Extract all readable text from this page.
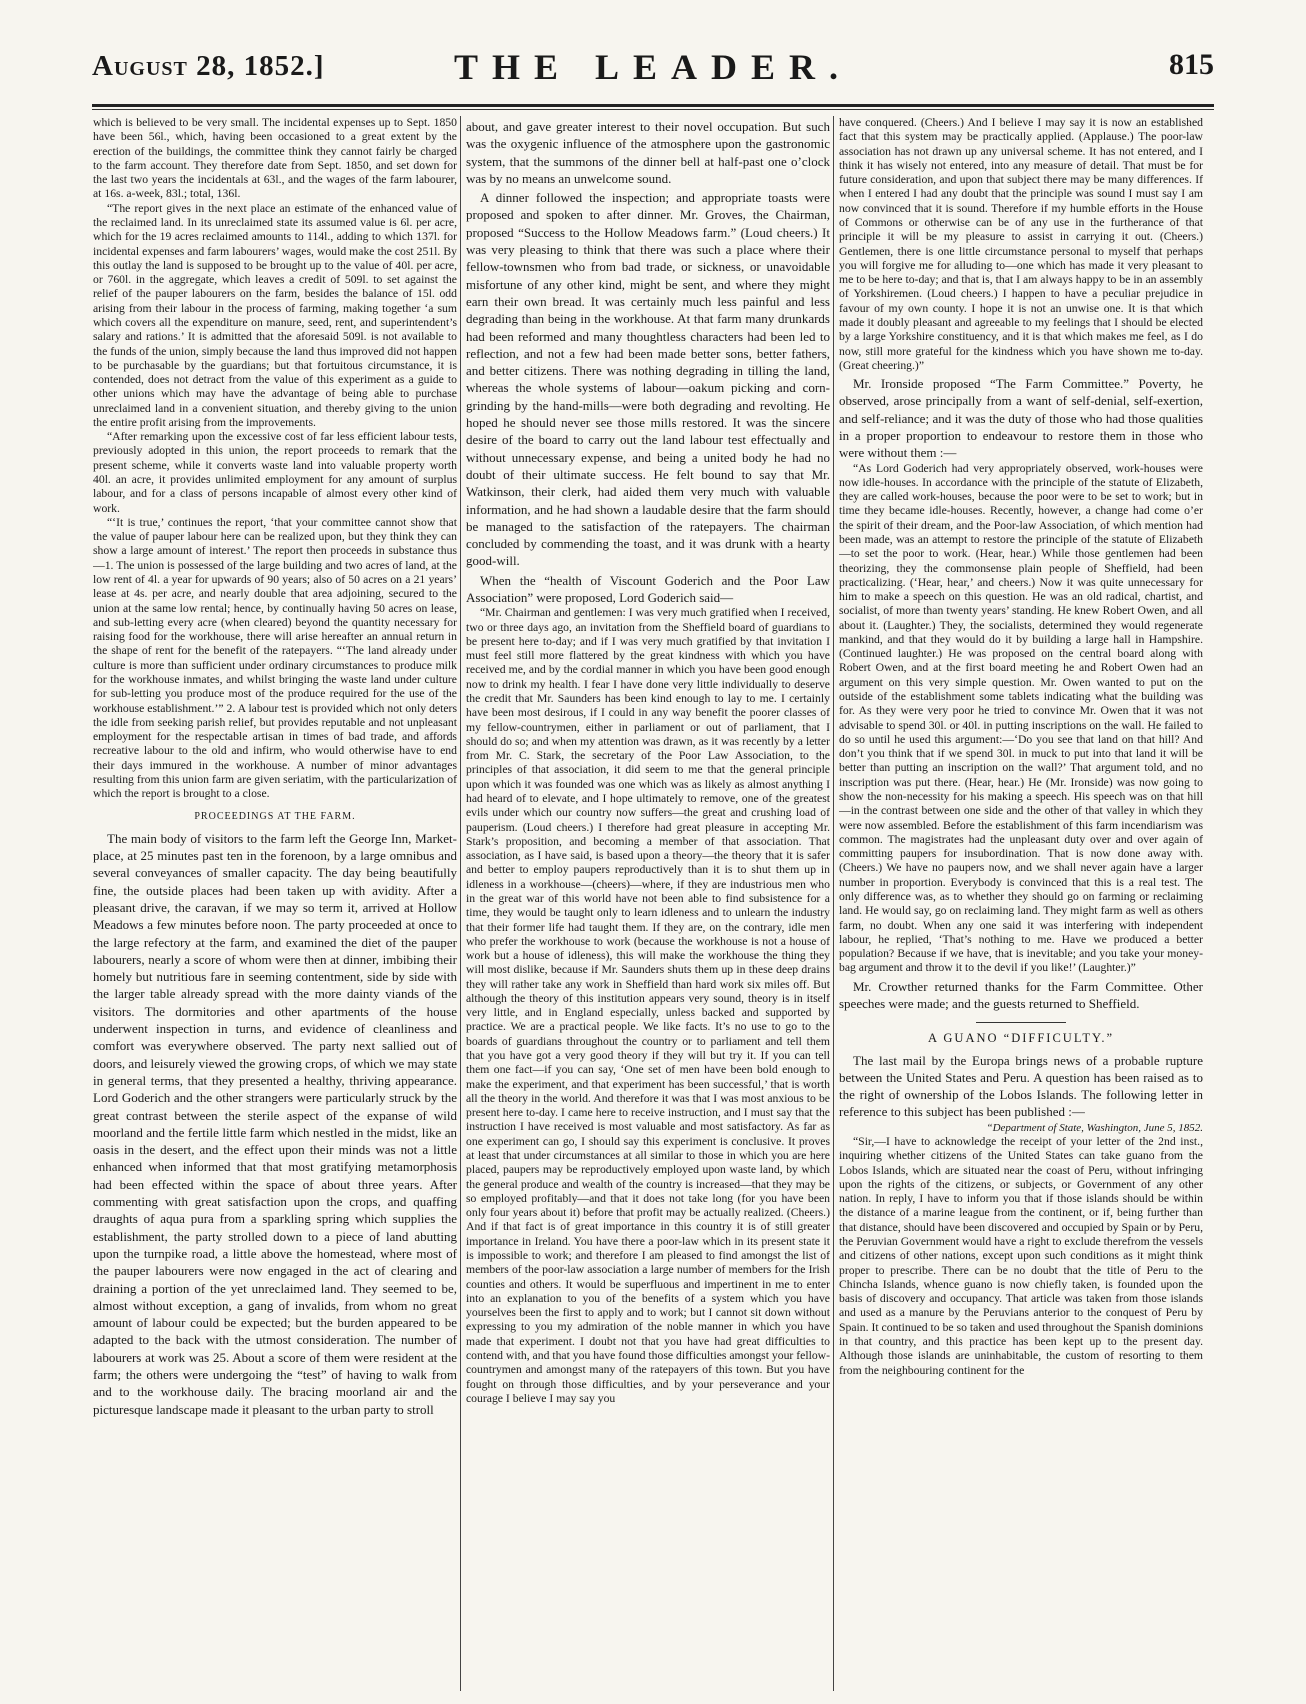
August 28, 1852.]	THE LEADER.	815

which is believed to be very small. The incidental expenses up to Sept. 1850 have been 56l., which, having been occasioned to a great extent by the erection of the buildings, the committee think they cannot fairly be charged to the farm account. They therefore date from Sept. 1850, and set down for the last two years the incidentals at 63l., and the wages of the farm labourer, at 16s. a-week, 83l.; total, 136l.

“The report gives in the next place an estimate of the enhanced value of the reclaimed land. In its unreclaimed state its assumed value is 6l. per acre, which for the 19 acres reclaimed amounts to 114l., adding to which 137l. for incidental expenses and farm labourers’ wages, would make the cost 251l. By this outlay the land is supposed to be brought up to the value of 40l. per acre, or 760l. in the aggregate, which leaves a credit of 509l. to set against the relief of the pauper labourers on the farm, besides the balance of 15l. odd arising from their labour in the process of farming, making together ‘a sum which covers all the expenditure on manure, seed, rent, and superintendent’s salary and rations.’ It is admitted that the aforesaid 509l. is not available to the funds of the union, simply because the land thus improved did not happen to be purchasable by the guardians; but that fortuitous circumstance, it is contended, does not detract from the value of this experiment as a guide to other unions which may have the advantage of being able to purchase unreclaimed land in a convenient situation, and thereby giving to the union the entire profit arising from the improvements.

“After remarking upon the excessive cost of far less efficient labour tests, previously adopted in this union, the report proceeds to remark that the present scheme, while it converts waste land into valuable property worth 40l. an acre, it provides unlimited employment for any amount of surplus labour, and for a class of persons incapable of almost every other kind of work.

“‘It is true,’ continues the report, ‘that your committee cannot show that the value of pauper labour here can be realized upon, but they think they can show a large amount of interest.’ The report then proceeds in substance thus—1. The union is possessed of the large building and two acres of land, at the low rent of 4l. a year for upwards of 90 years; also of 50 acres on a 21 years’ lease at 4s. per acre, and nearly double that area adjoining, secured to the union at the same low rental; hence, by continually having 50 acres on lease, and sub-letting every acre (when cleared) beyond the quantity necessary for raising food for the workhouse, there will arise hereafter an annual return in the shape of rent for the benefit of the ratepayers. “‘The land already under culture is more than sufficient under ordinary circumstances to produce milk for the workhouse inmates, and whilst bringing the waste land under culture for sub-letting you produce most of the produce required for the use of the workhouse establishment.’” 2. A labour test is provided which not only deters the idle from seeking parish relief, but provides reputable and not unpleasant employment for the respectable artisan in times of bad trade, and affords recreative labour to the old and infirm, who would otherwise have to end their days immured in the workhouse. A number of minor advantages resulting from this union farm are given seriatim, with the particularization of which the report is brought to a close.

PROCEEDINGS AT THE FARM.

The main body of visitors to the farm left the George Inn, Market-place, at 25 minutes past ten in the forenoon, by a large omnibus and several conveyances of smaller capacity. The day being beautifully fine, the outside places had been taken up with avidity. After a pleasant drive, the caravan, if we may so term it, arrived at Hollow Meadows a few minutes before noon. The party proceeded at once to the large refectory at the farm, and examined the diet of the pauper labourers, nearly a score of whom were then at dinner, imbibing their homely but nutritious fare in seeming contentment, side by side with the larger table already spread with the more dainty viands of the visitors. The dormitories and other apartments of the house underwent inspection in turns, and evidence of cleanliness and comfort was everywhere observed. The party next sallied out of doors, and leisurely viewed the growing crops, of which we may state in general terms, that they presented a healthy, thriving appearance. Lord Goderich and the other strangers were particularly struck by the great contrast between the sterile aspect of the expanse of wild moorland and the fertile little farm which nestled in the midst, like an oasis in the desert, and the effect upon their minds was not a little enhanced when informed that that most gratifying metamorphosis had been effected within the space of about three years. After commenting with great satisfaction upon the crops, and quaffing draughts of aqua pura from a sparkling spring which supplies the establishment, the party strolled down to a piece of land abutting upon the turnpike road, a little above the homestead, where most of the pauper labourers were now engaged in the act of clearing and draining a portion of the yet unreclaimed land. They seemed to be, almost without exception, a gang of invalids, from whom no great amount of labour could be expected; but the burden appeared to be adapted to the back with the utmost consideration. The number of labourers at work was 25. About a score of them were resident at the farm; the others were undergoing the “test” of having to walk from and to the workhouse daily. The bracing moorland air and the picturesque landscape made it pleasant to the urban party to stroll

about, and gave greater interest to their novel occupation. But such was the oxygenic influence of the atmosphere upon the gastronomic system, that the summons of the dinner bell at half-past one o’clock was by no means an unwelcome sound.

A dinner followed the inspection; and appropriate toasts were proposed and spoken to after dinner. Mr. Groves, the Chairman, proposed “Success to the Hollow Meadows farm.” (Loud cheers.) It was very pleasing to think that there was such a place where their fellow-townsmen who from bad trade, or sickness, or unavoidable misfortune of any other kind, might be sent, and where they might earn their own bread. It was certainly much less painful and less degrading than being in the workhouse. At that farm many drunkards had been reformed and many thoughtless characters had been led to reflection, and not a few had been made better sons, better fathers, and better citizens. There was nothing degrading in tilling the land, whereas the whole systems of labour—oakum picking and corn-grinding by the hand-mills—were both degrading and revolting. He hoped he should never see those mills restored. It was the sincere desire of the board to carry out the land labour test effectually and without unnecessary expense, and being a united body he had no doubt of their ultimate success. He felt bound to say that Mr. Watkinson, their clerk, had aided them very much with valuable information, and he had shown a laudable desire that the farm should be managed to the satisfaction of the ratepayers. The chairman concluded by commending the toast, and it was drunk with a hearty good-will.

When the “health of Viscount Goderich and the Poor Law Association” were proposed, Lord Goderich said—

“Mr. Chairman and gentlemen: I was very much gratified when I received, two or three days ago, an invitation from the Sheffield board of guardians to be present here to-day; and if I was very much gratified by that invitation I must feel still more flattered by the great kindness with which you have received me, and by the cordial manner in which you have been good enough now to drink my health. I fear I have done very little individually to deserve the credit that Mr. Saunders has been kind enough to lay to me. I certainly have been most desirous, if I could in any way benefit the poorer classes of my fellow-countrymen, either in parliament or out of parliament, that I should do so; and when my attention was drawn, as it was recently by a letter from Mr. C. Stark, the secretary of the Poor Law Association, to the principles of that association, it did seem to me that the general principle upon which it was founded was one which was as likely as almost anything I had heard of to elevate, and I hope ultimately to remove, one of the greatest evils under which our country now suffers—the great and crushing load of pauperism. (Loud cheers.) I therefore had great pleasure in accepting Mr. Stark’s proposition, and becoming a member of that association. That association, as I have said, is based upon a theory—the theory that it is safer and better to employ paupers reproductively than it is to shut them up in idleness in a workhouse—(cheers)—where, if they are industrious men who in the great war of this world have not been able to find subsistence for a time, they would be taught only to learn idleness and to unlearn the industry that their former life had taught them. If they are, on the contrary, idle men who prefer the workhouse to work (because the workhouse is not a house of work but a house of idleness), this will make the workhouse the thing they will most dislike, because if Mr. Saunders shuts them up in these deep drains they will rather take any work in Sheffield than hard work six miles off. But although the theory of this institution appears very sound, theory is in itself very little, and in England especially, unless backed and supported by practice. We are a practical people. We like facts. It’s no use to go to the boards of guardians throughout the country or to parliament and tell them that you have got a very good theory if they will but try it. If you can tell them one fact—if you can say, ‘One set of men have been bold enough to make the experiment, and that experiment has been successful,’ that is worth all the theory in the world. And therefore it was that I was most anxious to be present here to-day. I came here to receive instruction, and I must say that the instruction I have received is most valuable and most satisfactory. As far as one experiment can go, I should say this experiment is conclusive. It proves at least that under circumstances at all similar to those in which you are here placed, paupers may be reproductively employed upon waste land, by which the general produce and wealth of the country is increased—that they may be so employed profitably—and that it does not take long (for you have been only four years about it) before that profit may be actually realized. (Cheers.) And if that fact is of great importance in this country it is of still greater importance in Ireland. You have there a poor-law which in its present state it is impossible to work; and therefore I am pleased to find amongst the list of members of the poor-law association a large number of members for the Irish counties and others. It would be superfluous and impertinent in me to enter into an explanation to you of the benefits of a system which you have yourselves been the first to apply and to work; but I cannot sit down without expressing to you my admiration of the noble manner in which you have made that experiment. I doubt not that you have had great difficulties to contend with, and that you have found those difficulties amongst your fellow-countrymen and amongst many of the ratepayers of this town. But you have fought on through those difficulties, and by your perseverance and your courage I believe I may say you

have conquered. (Cheers.) And I believe I may say it is now an established fact that this system may be practically applied. (Applause.) The poor-law association has not drawn up any universal scheme. It has not entered, and I think it has wisely not entered, into any measure of detail. That must be for future consideration, and upon that subject there may be many differences. If when I entered I had any doubt that the principle was sound I must say I am now convinced that it is sound. Therefore if my humble efforts in the House of Commons or otherwise can be of any use in the furtherance of that principle it will be my pleasure to assist in carrying it out. (Cheers.) Gentlemen, there is one little circumstance personal to myself that perhaps you will forgive me for alluding to—one which has made it very pleasant to me to be here to-day; and that is, that I am always happy to be in an assembly of Yorkshiremen. (Loud cheers.) I happen to have a peculiar prejudice in favour of my own county. I hope it is not an unwise one. It is that which made it doubly pleasant and agreeable to my feelings that I should be elected by a large Yorkshire constituency, and it is that which makes me feel, as I do now, still more grateful for the kindness which you have shown me to-day. (Great cheering.)”

Mr. Ironside proposed “The Farm Committee.” Poverty, he observed, arose principally from a want of self-denial, self-exertion, and self-reliance; and it was the duty of those who had those qualities in a proper proportion to endeavour to restore them in those who were without them :—

“As Lord Goderich had very appropriately observed, work-houses were now idle-houses. In accordance with the principle of the statute of Elizabeth, they are called work-houses, because the poor were to be set to work; but in time they became idle-houses. Recently, however, a change had come o’er the spirit of their dream, and the Poor-law Association, of which mention had been made, was an attempt to restore the principle of the statute of Elizabeth—to set the poor to work. (Hear, hear.) While those gentlemen had been theorizing, they the commonsense plain people of Sheffield, had been practicalizing. (‘Hear, hear,’ and cheers.) Now it was quite unnecessary for him to make a speech on this question. He was an old radical, chartist, and socialist, of more than twenty years’ standing. He knew Robert Owen, and all about it. (Laughter.) They, the socialists, determined they would regenerate mankind, and that they would do it by building a large hall in Hampshire. (Continued laughter.) He was proposed on the central board along with Robert Owen, and at the first board meeting he and Robert Owen had an argument on this very simple question. Mr. Owen wanted to put on the outside of the establishment some tablets indicating what the building was for. As they were very poor he tried to convince Mr. Owen that it was not advisable to spend 30l. or 40l. in putting inscriptions on the wall. He failed to do so until he used this argument:—‘Do you see that land on that hill? And don’t you think that if we spend 30l. in muck to put into that land it will be better than putting an inscription on the wall?’ That argument told, and no inscription was put there. (Hear, hear.) He (Mr. Ironside) was now going to show the non-necessity for his making a speech. His speech was on that hill—in the contrast between one side and the other of that valley in which they were now assembled. Before the establishment of this farm incendiarism was common. The magistrates had the unpleasant duty over and over again of committing paupers for insubordination. That is now done away with. (Cheers.) We have no paupers now, and we shall never again have a larger number in proportion. Everybody is convinced that this is a real test. The only difference was, as to whether they should go on farming or reclaiming land. He would say, go on reclaiming land. They might farm as well as others farm, no doubt. When any one said it was interfering with independent labour, he replied, ‘That’s nothing to me. Have we produced a better population? Because if we have, that is inevitable; and you take your money-bag argument and throw it to the devil if you like!’ (Laughter.)”

Mr. Crowther returned thanks for the Farm Committee. Other speeches were made; and the guests returned to Sheffield.

A GUANO “DIFFICULTY.”

The last mail by the Europa brings news of a probable rupture between the United States and Peru. A question has been raised as to the right of ownership of the Lobos Islands. The following letter in reference to this subject has been published :—

“Department of State, Washington, June 5, 1852.

“Sir,—I have to acknowledge the receipt of your letter of the 2nd inst., inquiring whether citizens of the United States can take guano from the Lobos Islands, which are situated near the coast of Peru, without infringing upon the rights of the citizens, or subjects, or Government of any other nation. In reply, I have to inform you that if those islands should be within the distance of a marine league from the continent, or if, being further than that distance, should have been discovered and occupied by Spain or by Peru, the Peruvian Government would have a right to exclude therefrom the vessels and citizens of other nations, except upon such conditions as it might think proper to prescribe. There can be no doubt that the title of Peru to the Chincha Islands, whence guano is now chiefly taken, is founded upon the basis of discovery and occupancy. That article was taken from those islands and used as a manure by the Peruvians anterior to the conquest of Peru by Spain. It continued to be so taken and used throughout the Spanish dominions in that country, and this practice has been kept up to the present day. Although those islands are uninhabitable, the custom of resorting to them from the neighbouring continent for the
